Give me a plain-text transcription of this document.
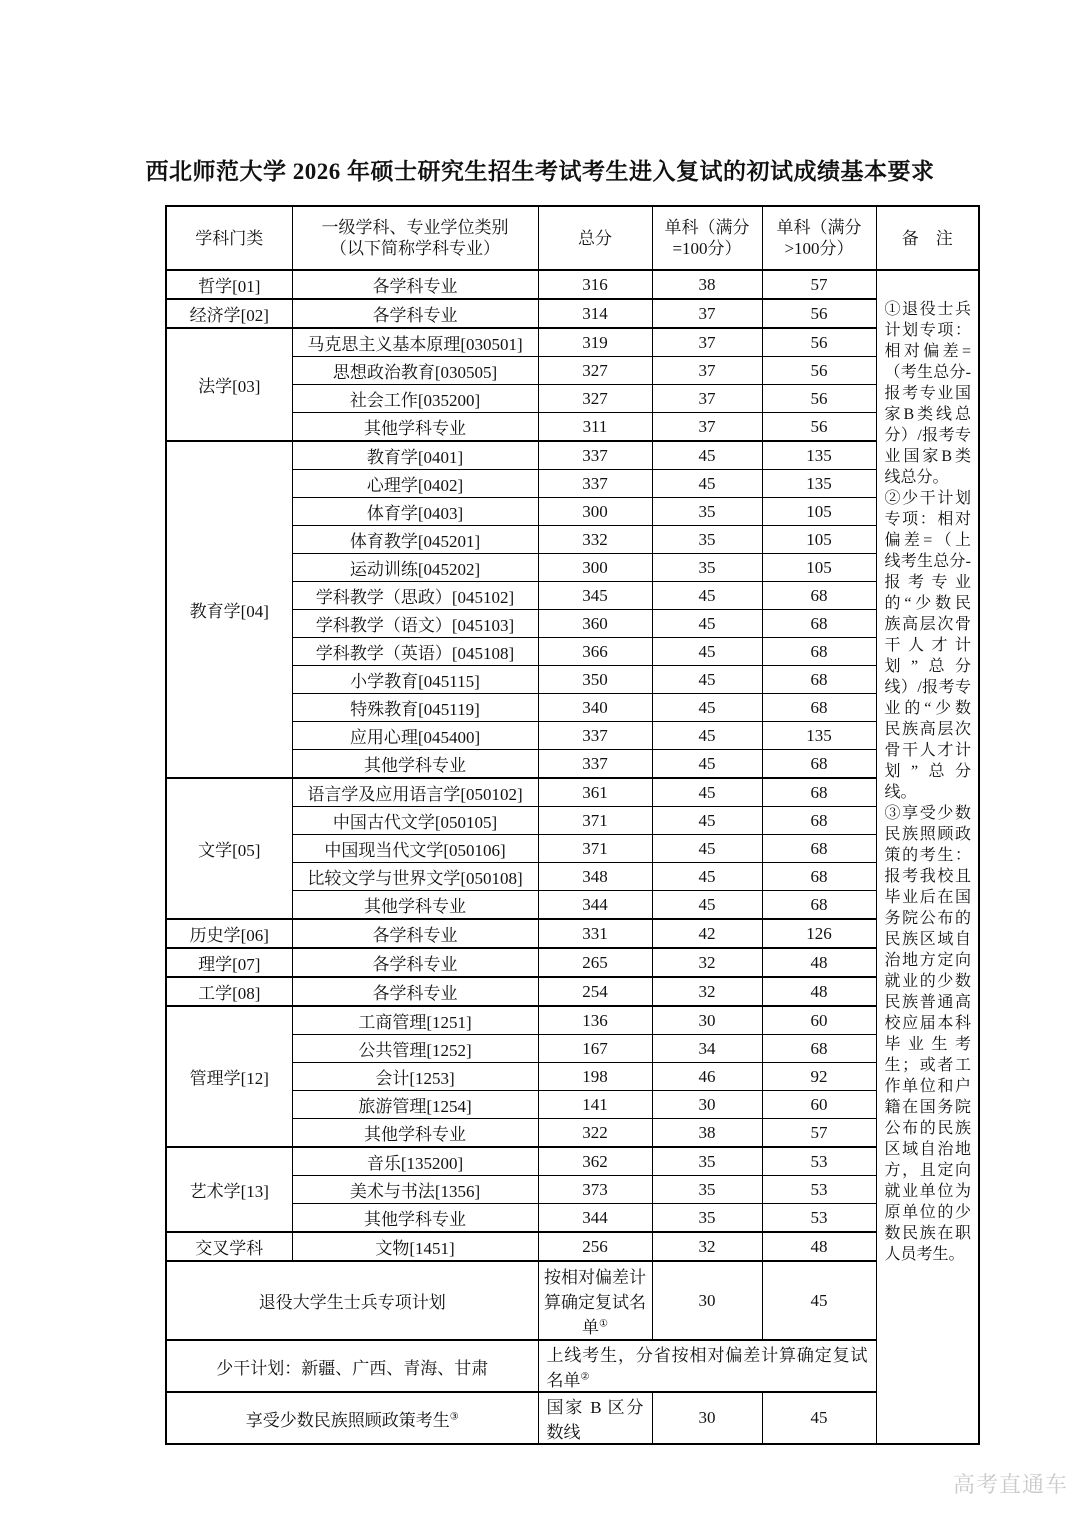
西北师范大学 2026 年硕士研究生招生考试考生进入复试的初试成绩基本要求
学科门类	一级学科、专业学位类别
（以下简称学科专业）	总分	单科（满分=100分）	单科（满分>100分）	备　注
哲学[01]	各学科专业	316	38	57	①退役士兵计划专项：相对偏差=（考生总分-报考专业国家B类线总分）/报考专业国家B类线总分。
②少干计划专项：相对偏差=（上线考生总分-报考专业的“少数民族高层次骨干人才计划”总分线）/报考专业的“少数民族高层次骨干人才计划”总分线。
③享受少数民族照顾政策的考生：报考我校且毕业后在国务院公布的民族区域自治地方定向就业的少数民族普通高校应届本科毕业生考生；或者工作单位和户籍在国务院公布的民族区域自治地方，且定向就业单位为原单位的少数民族在职人员考生。

经济学[02]	各学科专业	314	37	56	
法学[03]	马克思主义基本原理[030501]	319	37	56	
	思想政治教育[030505]	327	37	56	
	社会工作[035200]	327	37	56	
	其他学科专业	311	37	56	
教育学[04]	教育学[0401]	337	45	135	
	心理学[0402]	337	45	135	
	体育学[0403]	300	35	105	
	体育教学[045201]	332	35	105	
	运动训练[045202]	300	35	105	
	学科教学（思政）[045102]	345	45	68	
	学科教学（语文）[045103]	360	45	68	
	学科教学（英语）[045108]	366	45	68	
	小学教育[045115]	350	45	68	
	特殊教育[045119]	340	45	68	
	应用心理[045400]	337	45	135	
	其他学科专业	337	45	68	
文学[05]	语言学及应用语言学[050102]	361	45	68	
	中国古代文学[050105]	371	45	68	
	中国现当代文学[050106]	371	45	68	
	比较文学与世界文学[050108]	348	45	68	
	其他学科专业	344	45	68	
历史学[06]	各学科专业	331	42	126	
理学[07]	各学科专业	265	32	48	
工学[08]	各学科专业	254	32	48	
管理学[12]	工商管理[1251]	136	30	60	
	公共管理[1252]	167	34	68	
	会计[1253]	198	46	92	
	旅游管理[1254]	141	30	60	
	其他学科专业	322	38	57	
艺术学[13]	音乐[135200]	362	35	53	
	美术与书法[1356]	373	35	53	
	其他学科专业	344	35	53	
交叉学科	文物[1451]	256	32	48	
退役大学生士兵专项计划		按相对偏差计算确定复试名单①	30	45	
少干计划：新疆、广西、青海、甘肃		上线考生，分省按相对偏差计算确定复试名单②
享受少数民族照顾政策考生③		国家 B 区分数线	30	45	
高考直通车
